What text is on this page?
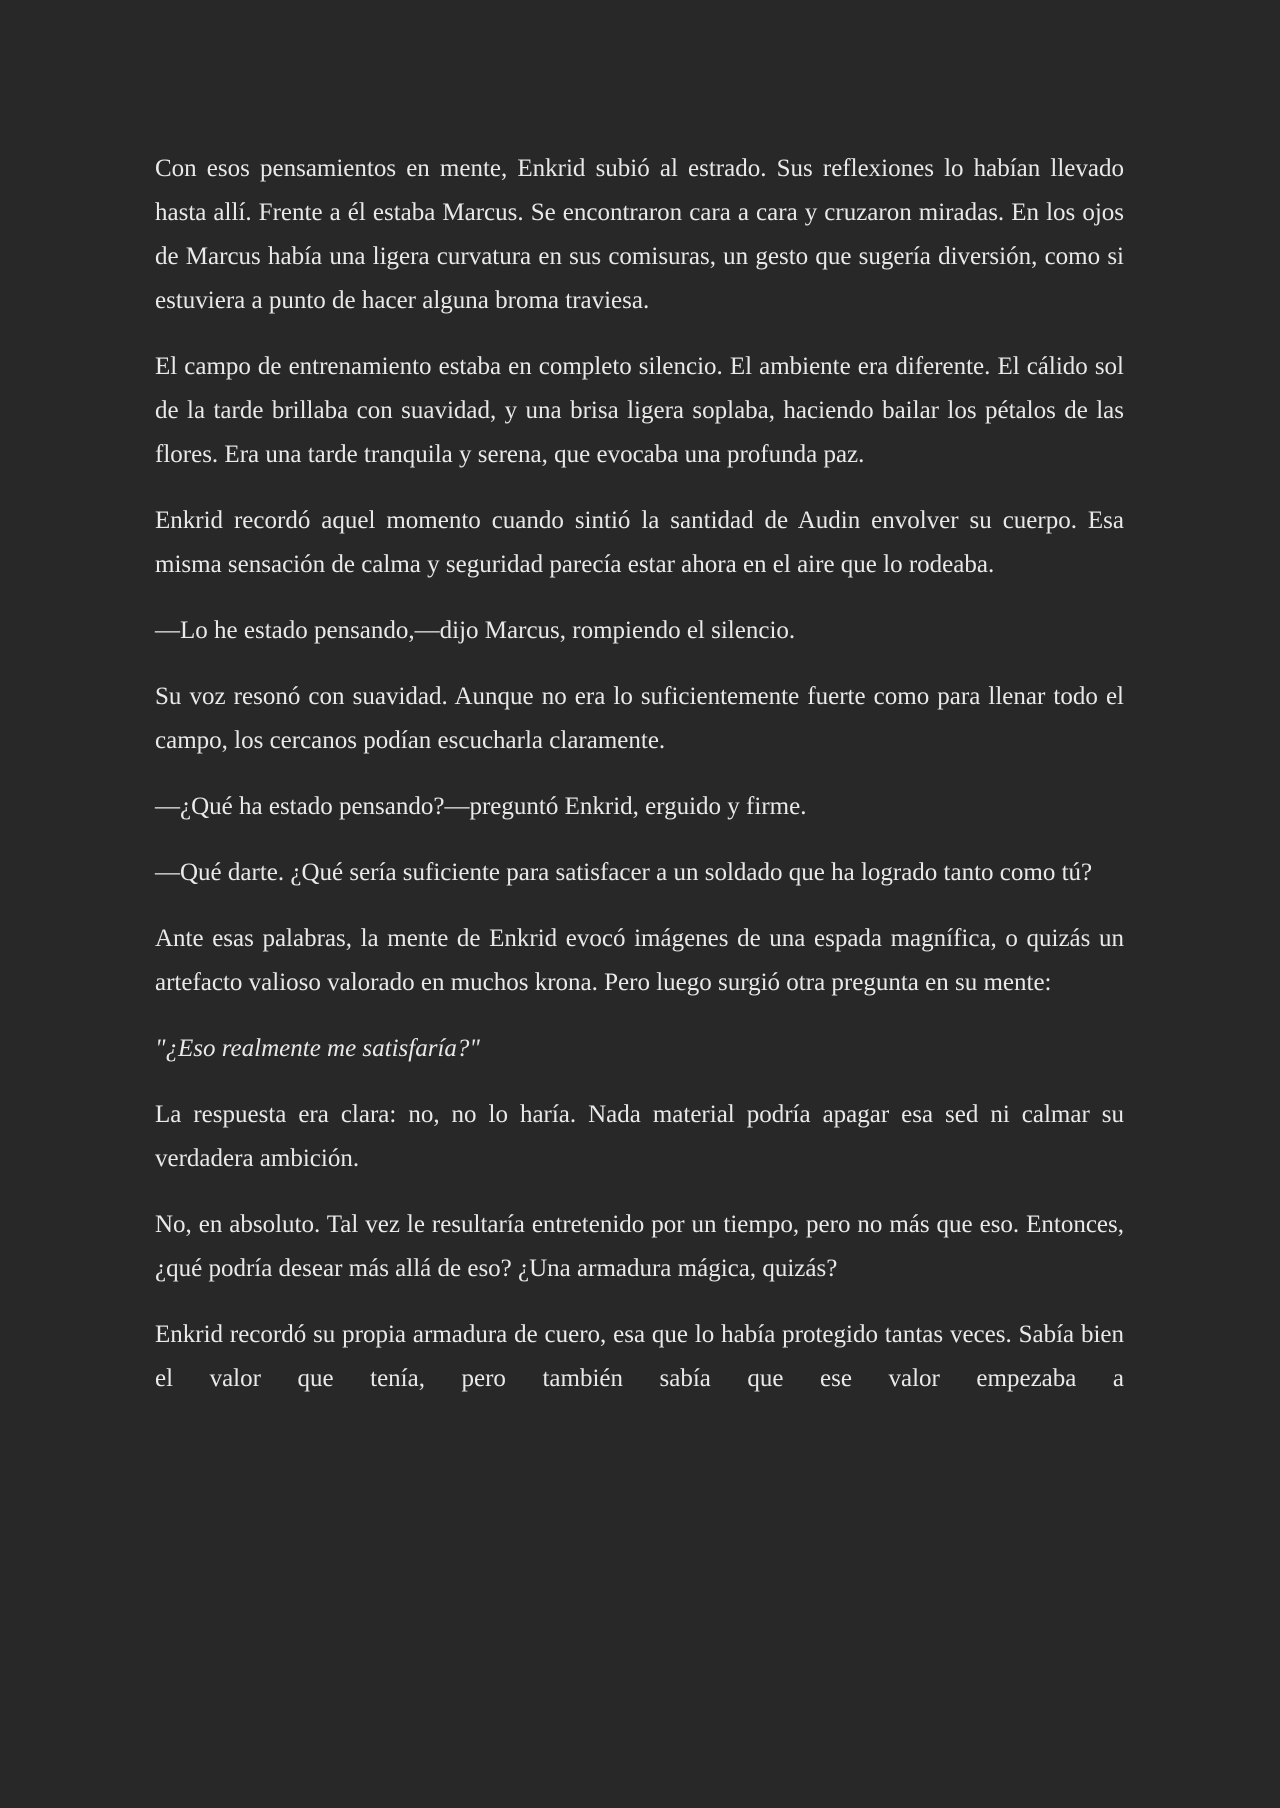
Con esos pensamientos en mente, Enkrid subió al estrado. Sus reflexiones lo habían llevado hasta allí. Frente a él estaba Marcus. Se encontraron cara a cara y cruzaron miradas. En los ojos de Marcus había una ligera curvatura en sus comisuras, un gesto que sugería diversión, como si estuviera a punto de hacer alguna broma traviesa.

El campo de entrenamiento estaba en completo silencio. El ambiente era diferente. El cálido sol de la tarde brillaba con suavidad, y una brisa ligera soplaba, haciendo bailar los pétalos de las flores. Era una tarde tranquila y serena, que evocaba una profunda paz.

Enkrid recordó aquel momento cuando sintió la santidad de Audin envolver su cuerpo. Esa misma sensación de calma y seguridad parecía estar ahora en el aire que lo rodeaba.

—Lo he estado pensando,—dijo Marcus, rompiendo el silencio.

Su voz resonó con suavidad. Aunque no era lo suficientemente fuerte como para llenar todo el campo, los cercanos podían escucharla claramente.

—¿Qué ha estado pensando?—preguntó Enkrid, erguido y firme.

—Qué darte. ¿Qué sería suficiente para satisfacer a un soldado que ha logrado tanto como tú?

Ante esas palabras, la mente de Enkrid evocó imágenes de una espada magnífica, o quizás un artefacto valioso valorado en muchos krona. Pero luego surgió otra pregunta en su mente:

"¿Eso realmente me satisfaría?"

La respuesta era clara: no, no lo haría. Nada material podría apagar esa sed ni calmar su verdadera ambición.

No, en absoluto. Tal vez le resultaría entretenido por un tiempo, pero no más que eso. Entonces, ¿qué podría desear más allá de eso? ¿Una armadura mágica, quizás?

Enkrid recordó su propia armadura de cuero, esa que lo había protegido tantas veces. Sabía bien el valor que tenía, pero también sabía que ese valor empezaba a
